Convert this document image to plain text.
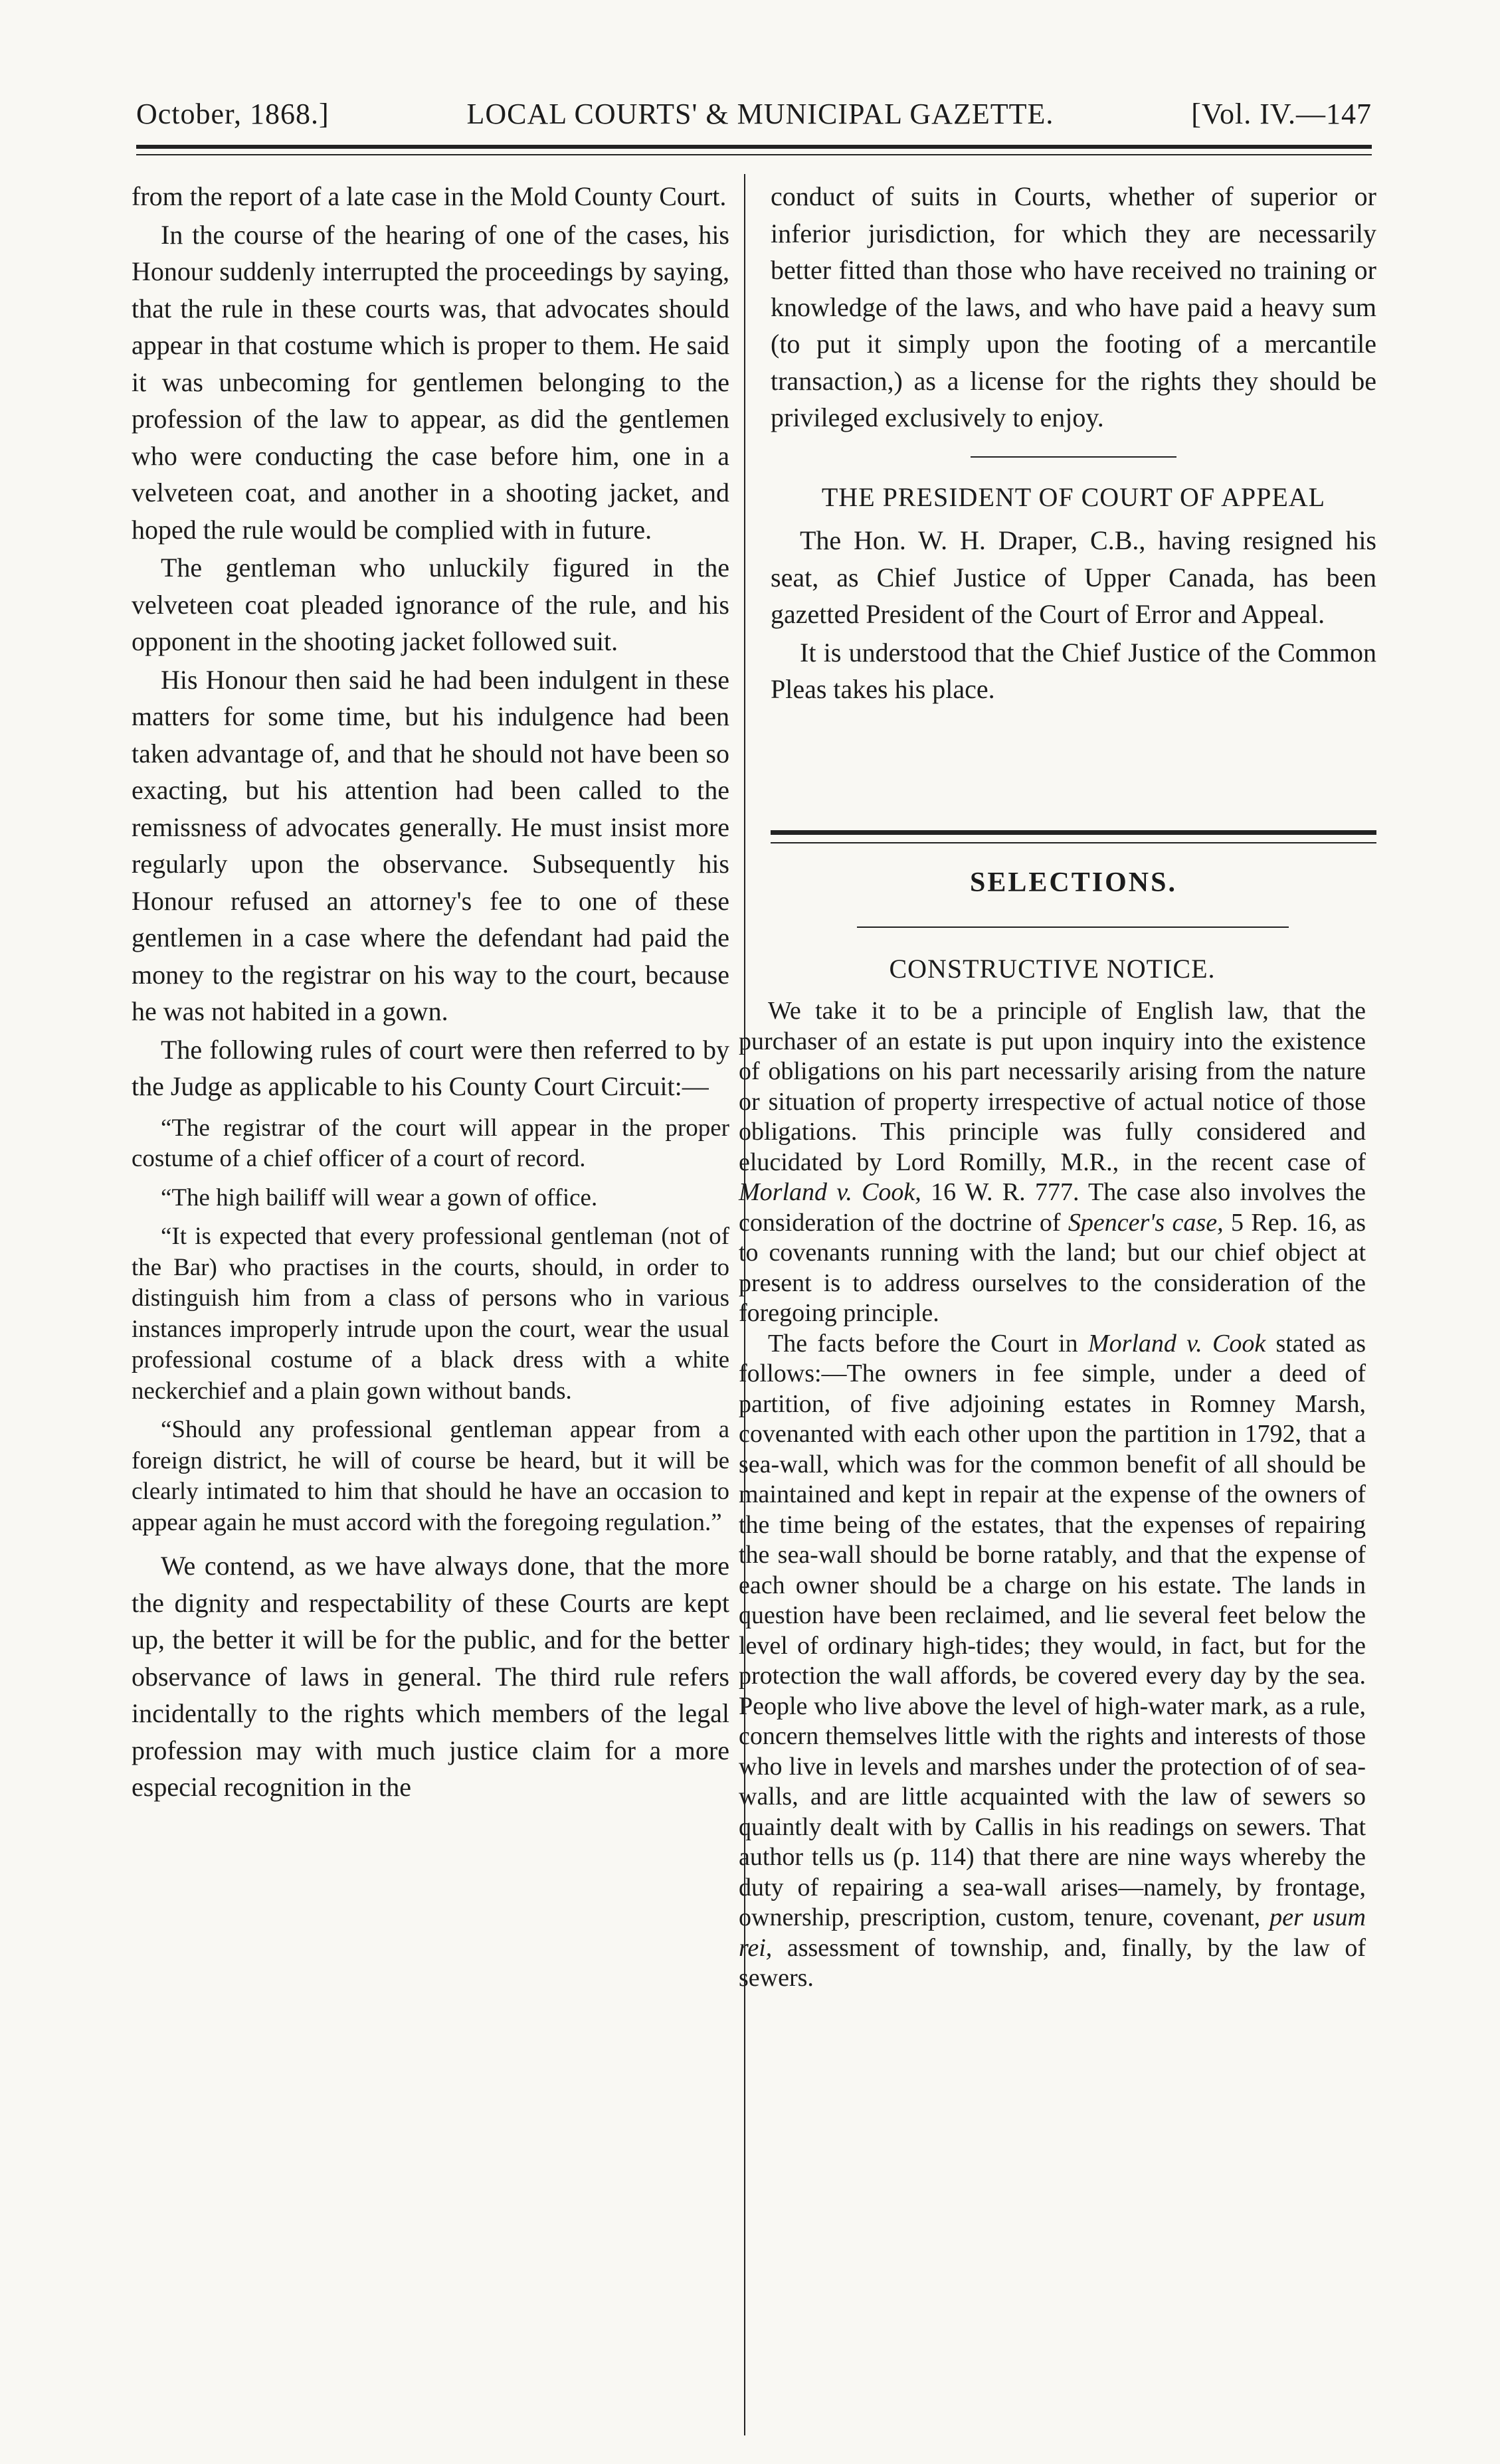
October, 1868.]	LOCAL COURTS' & MUNICIPAL GAZETTE.	[Vol. IV.—147

from the report of a late case in the Mold County Court.

In the course of the hearing of one of the cases, his Honour suddenly interrupted the proceedings by saying, that the rule in these courts was, that advocates should appear in that costume which is proper to them. He said it was unbecoming for gentlemen belonging to the profession of the law to appear, as did the gentlemen who were conducting the case before him, one in a velveteen coat, and another in a shooting jacket, and hoped the rule would be complied with in future.

The gentleman who unluckily figured in the velveteen coat pleaded ignorance of the rule, and his opponent in the shooting jacket followed suit.

His Honour then said he had been indulgent in these matters for some time, but his indulgence had been taken advantage of, and that he should not have been so exacting, but his attention had been called to the remissness of advocates generally. He must insist more regularly upon the observance. Subsequently his Honour refused an attorney's fee to one of these gentlemen in a case where the defendant had paid the money to the registrar on his way to the court, because he was not habited in a gown.

The following rules of court were then referred to by the Judge as applicable to his County Court Circuit:—

“The registrar of the court will appear in the proper costume of a chief officer of a court of record.

“The high bailiff will wear a gown of office.

“It is expected that every professional gentleman (not of the Bar) who practises in the courts, should, in order to distinguish him from a class of persons who in various instances improperly intrude upon the court, wear the usual professional costume of a black dress with a white neckerchief and a plain gown without bands.

“Should any professional gentleman appear from a foreign district, he will of course be heard, but it will be clearly intimated to him that should he have an occasion to appear again he must accord with the foregoing regulation.”

We contend, as we have always done, that the more the dignity and respectability of these Courts are kept up, the better it will be for the public, and for the better observance of laws in general. The third rule refers incidentally to the rights which members of the legal profession may with much justice claim for a more especial recognition in the

conduct of suits in Courts, whether of superior or inferior jurisdiction, for which they are necessarily better fitted than those who have received no training or knowledge of the laws, and who have paid a heavy sum (to put it simply upon the footing of a mercantile transaction,) as a license for the rights they should be privileged exclusively to enjoy.

THE PRESIDENT OF COURT OF APPEAL

The Hon. W. H. Draper, C.B., having resigned his seat, as Chief Justice of Upper Canada, has been gazetted President of the Court of Error and Appeal.

It is understood that the Chief Justice of the Common Pleas takes his place.

SELECTIONS.
CONSTRUCTIVE NOTICE.

We take it to be a principle of English law, that the purchaser of an estate is put upon inquiry into the existence of obligations on his part necessarily arising from the nature or situation of property irrespective of actual notice of those obligations. This principle was fully considered and elucidated by Lord Romilly, M.R., in the recent case of Morland v. Cook, 16 W. R. 777. The case also involves the consideration of the doctrine of Spencer's case, 5 Rep. 16, as to covenants running with the land; but our chief object at present is to address ourselves to the consideration of the foregoing principle.

The facts before the Court in Morland v. Cook stated as follows:—The owners in fee simple, under a deed of partition, of five adjoining estates in Romney Marsh, covenanted with each other upon the partition in 1792, that a sea-wall, which was for the common benefit of all should be maintained and kept in repair at the expense of the owners of the time being of the estates, that the expenses of repairing the sea-wall should be borne ratably, and that the expense of each owner should be a charge on his estate. The lands in question have been reclaimed, and lie several feet below the level of ordinary high-tides; they would, in fact, but for the protection the wall affords, be covered every day by the sea. People who live above the level of high-water mark, as a rule, concern themselves little with the rights and interests of those who live in levels and marshes under the protection of of sea-walls, and are little acquainted with the law of sewers so quaintly dealt with by Callis in his readings on sewers. That author tells us (p. 114) that there are nine ways whereby the duty of repairing a sea-wall arises—namely, by frontage, ownership, prescription, custom, tenure, covenant, per usum rei, assessment of township, and, finally, by the law of sewers.
